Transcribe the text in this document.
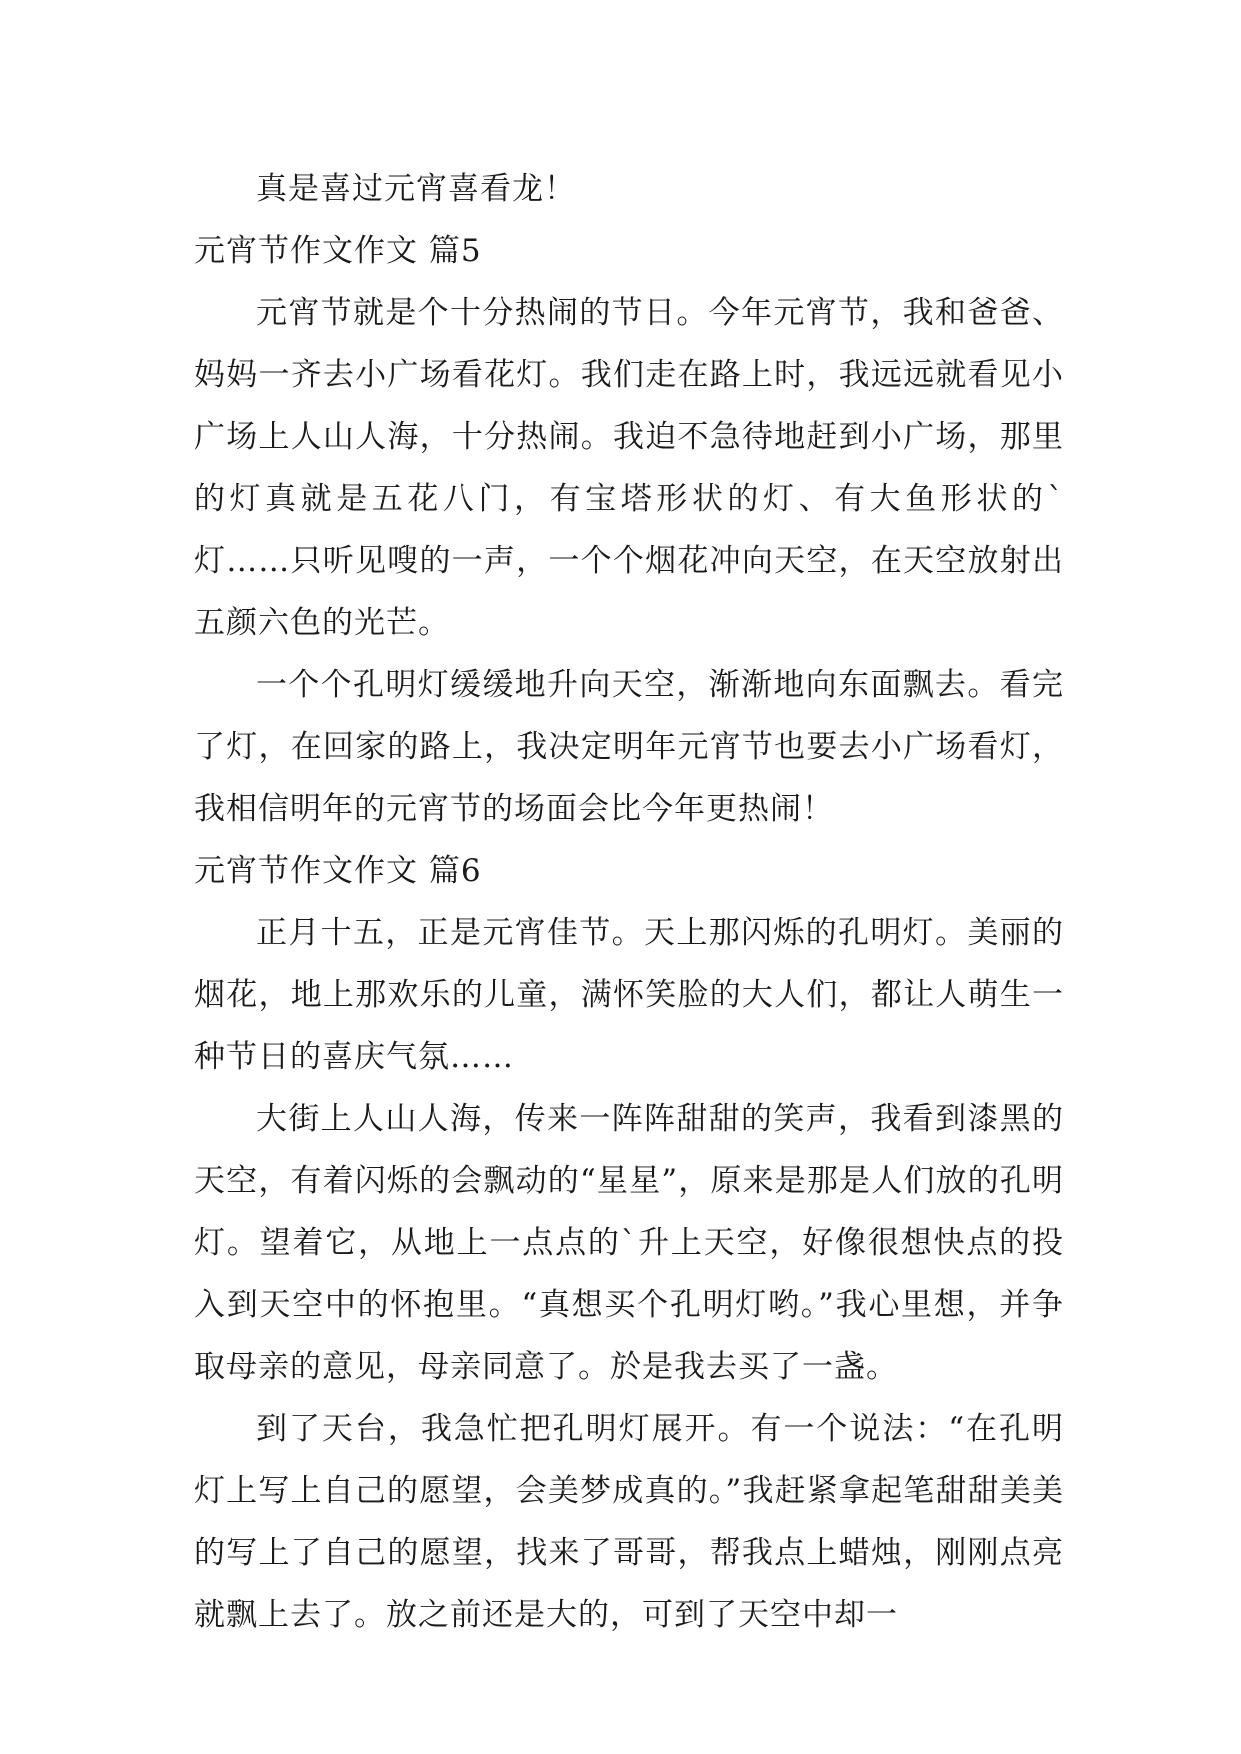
真是喜过元宵喜看龙！

元宵节作文作文 篇5

元宵节就是个十分热闹的节日。今年元宵节，我和爸爸、妈妈一齐去小广场看花灯。我们走在路上时，我远远就看见小广场上人山人海，十分热闹。我迫不急待地赶到小广场，那里的灯真就是五花八门，有宝塔形状的灯、有大鱼形状的`灯……只听见嗖的一声，一个个烟花冲向天空，在天空放射出五颜六色的光芒。

一个个孔明灯缓缓地升向天空，渐渐地向东面飘去。看完了灯，在回家的路上，我决定明年元宵节也要去小广场看灯，我相信明年的元宵节的场面会比今年更热闹！

元宵节作文作文 篇6

正月十五，正是元宵佳节。天上那闪烁的孔明灯。美丽的烟花，地上那欢乐的儿童，满怀笑脸的大人们，都让人萌生一种节日的喜庆气氛……

大街上人山人海，传来一阵阵甜甜的笑声，我看到漆黑的天空，有着闪烁的会飘动的“星星”，原来是那是人们放的孔明灯。望着它，从地上一点点的`升上天空，好像很想快点的投入到天空中的怀抱里。“真想买个孔明灯哟。”我心里想，并争取母亲的意见，母亲同意了。於是我去买了一盏。

到了天台，我急忙把孔明灯展开。有一个说法：“在孔明灯上写上自己的愿望，会美梦成真的。”我赶紧拿起笔甜甜美美的写上了自己的愿望，找来了哥哥，帮我点上蜡烛，刚刚点亮就飘上去了。放之前还是大的，可到了天空中却一
